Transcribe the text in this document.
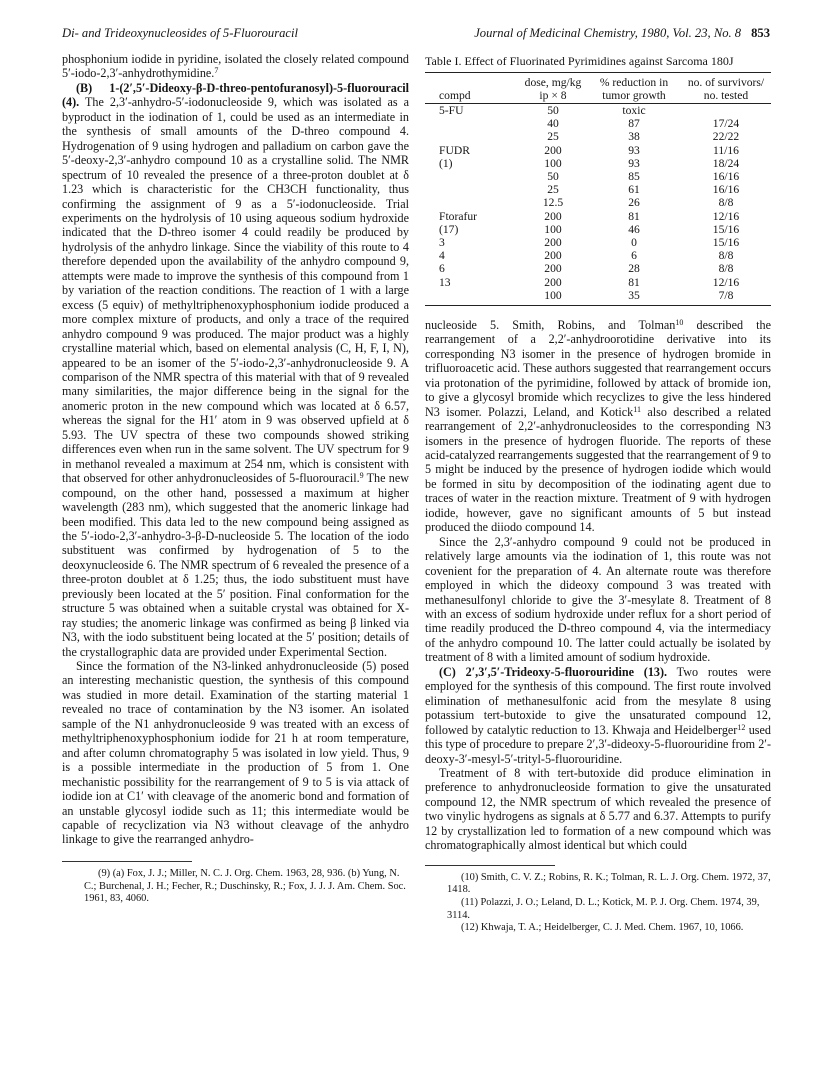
Di- and Trideoxynucleosides of 5-Fluorouracil	Journal of Medicinal Chemistry, 1980, Vol. 23, No. 8 853

phosphonium iodide in pyridine, isolated the closely related compound 5′-iodo-2,3′-anhydrothymidine.$^7$

(B) 1-(2′,5′-Dideoxy-β-D-threo-pentofuranosyl)-5-fluorouracil (4). The 2,3′-anhydro-5′-iodonucleoside 9, which was isolated as a byproduct in the iodination of 1, could be used as an intermediate in the synthesis of small amounts of the D-threo compound 4. Hydrogenation of 9 using hydrogen and palladium on carbon gave the 5′-deoxy-2,3′-anhydro compound 10 as a crystalline solid. The NMR spectrum of 10 revealed the presence of a three-proton doublet at δ 1.23 which is characteristic for the CH3CH functionality, thus confirming the assignment of 9 as a 5′-iodonucleoside. Trial experiments on the hydrolysis of 10 using aqueous sodium hydroxide indicated that the D-threo isomer 4 could readily be produced by hydrolysis of the anhydro linkage. Since the viability of this route to 4 therefore depended upon the availability of the anhydro compound 9, attempts were made to improve the synthesis of this compound from 1 by variation of the reaction conditions. The reaction of 1 with a large excess (5 equiv) of methyltriphenoxyphosphonium iodide produced a more complex mixture of products, and only a trace of the required anhydro compound 9 was produced. The major product was a highly crystalline material which, based on elemental analysis (C, H, F, I, N), appeared to be an isomer of the 5′-iodo-2,3′-anhydronucleoside 9. A comparison of the NMR spectra of this material with that of 9 revealed many similarities, the major difference being in the signal for the anomeric proton in the new compound which was located at δ 6.57, whereas the signal for the H1′ atom in 9 was observed upfield at δ 5.93. The UV spectra of these two compounds showed striking differences even when run in the same solvent. The UV spectrum for 9 in methanol revealed a maximum at 254 nm, which is consistent with that observed for other anhydronucleosides of 5-fluorouracil.$^9$ The new compound, on the other hand, possessed a maximum at higher wavelength (283 nm), which suggested that the anomeric linkage had been modified. This data led to the new compound being assigned as the 5′-iodo-2,3′-anhydro-3-β-D-nucleoside 5. The location of the iodo substituent was confirmed by hydrogenation of 5 to the deoxynucleoside 6. The NMR spectrum of 6 revealed the presence of a three-proton doublet at δ 1.25; thus, the iodo substituent must have previously been located at the 5′ position. Final conformation for the structure 5 was obtained when a suitable crystal was obtained for X-ray studies; the anomeric linkage was confirmed as being β linked via N3, with the iodo substituent being located at the 5′ position; details of the crystallographic data are provided under Experimental Section.

Since the formation of the N3-linked anhydronucleoside (5) posed an interesting mechanistic question, the synthesis of this compound was studied in more detail. Examination of the starting material 1 revealed no trace of contamination by the N3 isomer. An isolated sample of the N1 anhydronucleoside 9 was treated with an excess of methyltriphenoxyphosphonium iodide for 21 h at room temperature, and after column chromatography 5 was isolated in low yield. Thus, 9 is a possible intermediate in the production of 5 from 1. One mechanistic possibility for the rearrangement of 9 to 5 is via attack of iodide ion at C1′ with cleavage of the anomeric bond and formation of an unstable glycosyl iodide such as 11; this intermediate would be capable of recyclization via N3 without cleavage of the anhydro linkage to give the rearranged anhydro-

(9) (a) Fox, J. J.; Miller, N. C. J. Org. Chem. 1963, 28, 936. (b) Yung, N. C.; Burchenal, J. H.; Fecher, R.; Duschinsky, R.; Fox, J. J. J. Am. Chem. Soc. 1961, 83, 4060.

Table I. Effect of Fluorinated Pyrimidines against Sarcoma 180J
compd	dose, mg/kg ip × 8	% reduction in tumor growth	no. of survivors/ no. tested
5-FU	50	toxic	
	40	87	17/24
	25	38	22/22
FUDR	200	93	11/16
(1)	100	93	18/24
	50	85	16/16
	25	61	16/16
	12.5	26	8/8
Ftorafur	200	81	12/16
(17)	100	46	15/16
3	200	0	15/16
4	200	6	8/8
6	200	28	8/8
13	200	81	12/16
	100	35	7/8

nucleoside 5. Smith, Robins, and Tolman$^{10}$ described the rearrangement of a 2,2′-anhydroorotidine derivative into its corresponding N3 isomer in the presence of hydrogen bromide in trifluoroacetic acid. These authors suggested that rearrangement occurs via protonation of the pyrimidine, followed by attack of bromide ion, to give a glycosyl bromide which recyclizes to give the less hindered N3 isomer. Polazzi, Leland, and Kotick$^{11}$ also described a related rearrangement of 2,2′-anhydronucleosides to the corresponding N3 isomers in the presence of hydrogen fluoride. The reports of these acid-catalyzed rearrangements suggested that the rearrangement of 9 to 5 might be induced by the presence of hydrogen iodide which would be formed in situ by decomposition of the iodinating agent due to traces of water in the reaction mixture. Treatment of 9 with hydrogen iodide, however, gave no significant amounts of 5 but instead produced the diiodo compound 14.

Since the 2,3′-anhydro compound 9 could not be produced in relatively large amounts via the iodination of 1, this route was not covenient for the preparation of 4. An alternate route was therefore employed in which the dideoxy compound 3 was treated with methanesulfonyl chloride to give the 3′-mesylate 8. Treatment of 8 with an excess of sodium hydroxide under reflux for a short period of time readily produced the D-threo compound 4, via the intermediacy of the anhydro compound 10. The latter could actually be isolated by treatment of 8 with a limited amount of sodium hydroxide.

(C) 2′,3′,5′-Trideoxy-5-fluorouridine (13). Two routes were employed for the synthesis of this compound. The first route involved elimination of methanesulfonic acid from the mesylate 8 using potassium tert-butoxide to give the unsaturated compound 12, followed by catalytic reduction to 13. Khwaja and Heidelberger$^{12}$ used this type of procedure to prepare 2′,3′-dideoxy-5-fluorouridine from 2′-deoxy-3′-mesyl-5′-trityl-5-fluorouridine.

Treatment of 8 with tert-butoxide did produce elimination in preference to anhydronucleoside formation to give the unsaturated compound 12, the NMR spectrum of which revealed the presence of two vinylic hydrogens as signals at δ 5.77 and 6.37. Attempts to purify 12 by crystallization led to formation of a new compound which was chromatographically almost identical but which could

(10) Smith, C. V. Z.; Robins, R. K.; Tolman, R. L. J. Org. Chem. 1972, 37, 1418.

(11) Polazzi, J. O.; Leland, D. L.; Kotick, M. P. J. Org. Chem. 1974, 39, 3114.

(12) Khwaja, T. A.; Heidelberger, C. J. Med. Chem. 1967, 10, 1066.
